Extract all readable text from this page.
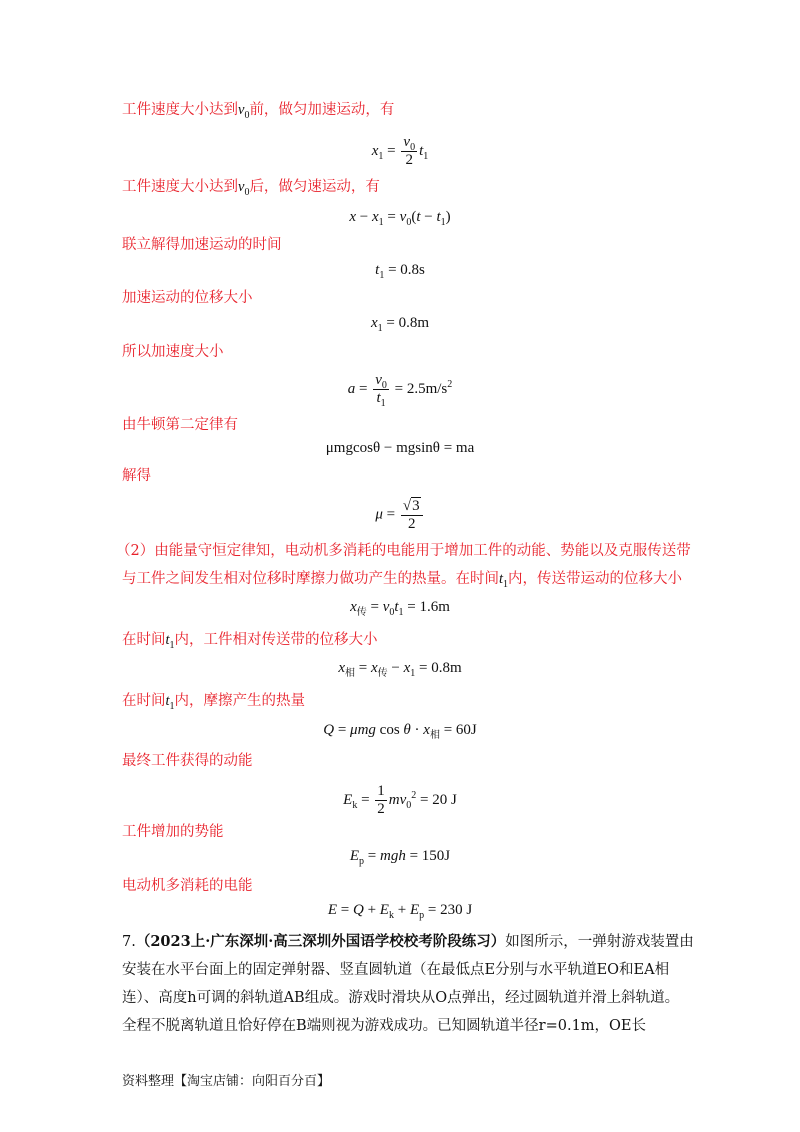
工件速度大小达到$v_0$前，做匀加速运动，有
$x_1 = \frac{v_0}{2} t_1$
工件速度大小达到$v_0$后，做匀速运动，有
$x - x_1 = v_0(t - t_1)$
联立解得加速运动的时间
$t_1 = 0.8s$
加速运动的位移大小
$x_1 = 0.8m$
所以加速度大小
$a = \frac{v_0}{t_1} = 2.5m/s^2$
由牛顿第二定律有
μmgcosθ − mgsinθ = ma
解得
$\mu = \frac{√3}{2}$
（2）由能量守恒定律知，电动机多消耗的电能用于增加工件的动能、势能以及克服传送带
与工件之间发生相对位移时摩擦力做功产生的热量。在时间$t_1$内，传送带运动的位移大小
$x_传 = v_0t_1 = 1.6m$
在时间$t_1$内，工件相对传送带的位移大小
$x_相 = x_传 - x_1 = 0.8m$
在时间$t_1$内，摩擦产生的热量
Q = μmg $\cos \theta \cdot x_相 = 60J$
最终工件获得的动能
$E_k = \frac{1}{2} mv_0^2 = 20$ J
工件增加的势能
$E_p$ = mgh = 150J
电动机多消耗的电能
$E = Q + E_k + E_p = 230$ J
7.（2023上·广东深圳·高三深圳外国语学校校考阶段练习）如图所示，一弹射游戏装置由
安装在水平台面上的固定弹射器、竖直圆轨道（在最低点E分别与水平轨道EO和EA相
连）、高度h可调的斜轨道AB组成。游戏时滑块从O点弹出，经过圆轨道并滑上斜轨道。
全程不脱离轨道且恰好停在B端则视为游戏成功。已知圆轨道半径r=0.1m，OE长
资料整理【淘宝店铺：向阳百分百】
